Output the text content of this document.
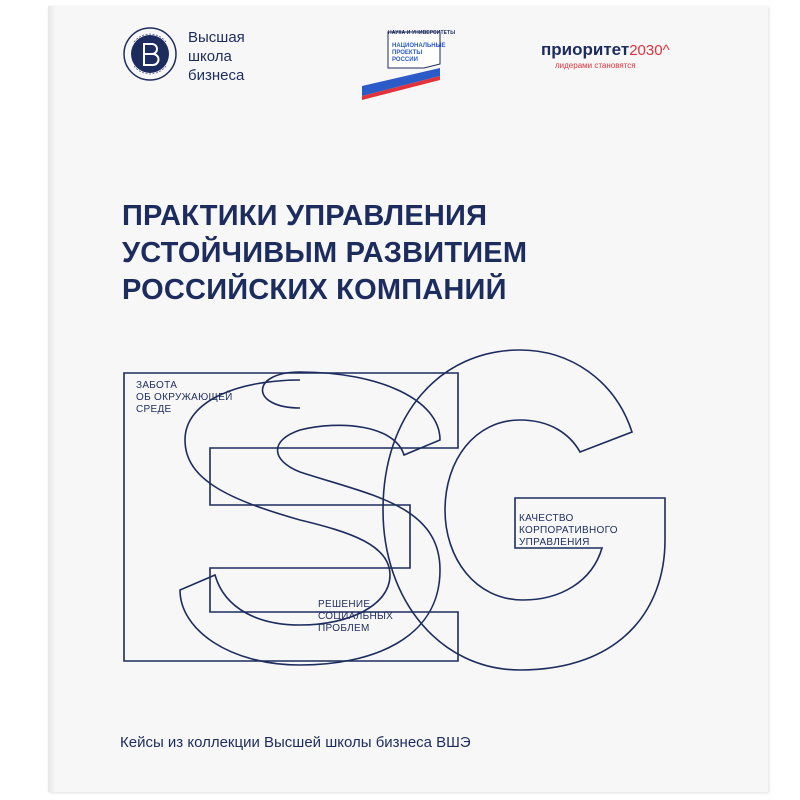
Высшая
школа
бизнеса
НАУКА И УНИВЕРСИТЕТЫ
НАЦИОНАЛЬНЫЕ
ПРОЕКТЫ
РОССИИ
приоритет2030^
лидерами становятся
ПРАКТИКИ УПРАВЛЕНИЯ
УСТОЙЧИВЫМ РАЗВИТИЕМ
РОССИЙСКИХ КОМПАНИЙ
ЗАБОТА
ОБ ОКРУЖАЮЩЕЙ
СРЕДЕ
РЕШЕНИЕ
СОЦИАЛЬНЫХ
ПРОБЛЕМ
КАЧЕСТВО
КОРПОРАТИВНОГО
УПРАВЛЕНИЯ
Кейсы из коллекции Высшей школы бизнеса ВШЭ
